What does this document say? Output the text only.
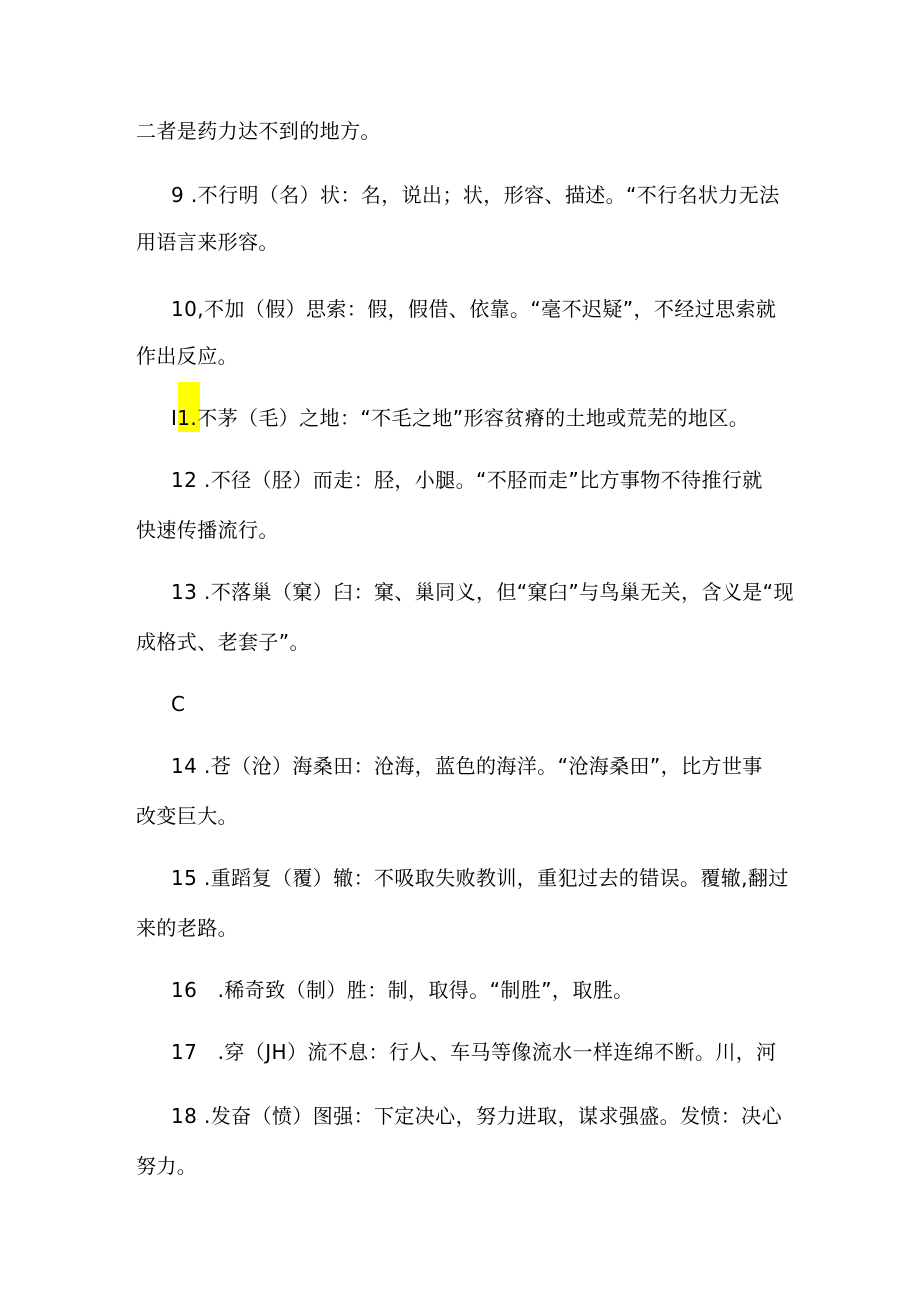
二者是药力达不到的地方。
9 .不行明（名）状：名，说出；状，形容、描述。“不行名状力无法
用语言来形容。
10,不加（假）思索：假，假借、依靠。“毫不迟疑”，不经过思索就
作出反应。
I1.不茅（毛）之地：“不毛之地”形容贫瘠的土地或荒芜的地区。
12 .不径（胫）而走：胫，小腿。“不胫而走”比方事物不待推行就
快速传播流行。
13 .不落巢（窠）臼：窠、巢同义，但“窠臼”与鸟巢无关，含义是“现
成格式、老套子”。
C
14 .苍（沧）海桑田：沧海，蓝色的海洋。“沧海桑田”，比方世事
改变巨大。
15 .重蹈复（覆）辙：不吸取失败教训，重犯过去的错误。覆辙,翻过
来的老路。
16　.稀奇致（制）胜：制，取得。“制胜”，取胜。
17　.穿（JH）流不息：行人、车马等像流水一样连绵不断。川，河
18 .发奋（愤）图强：下定决心，努力进取，谋求强盛。发愤：决心
努力。
